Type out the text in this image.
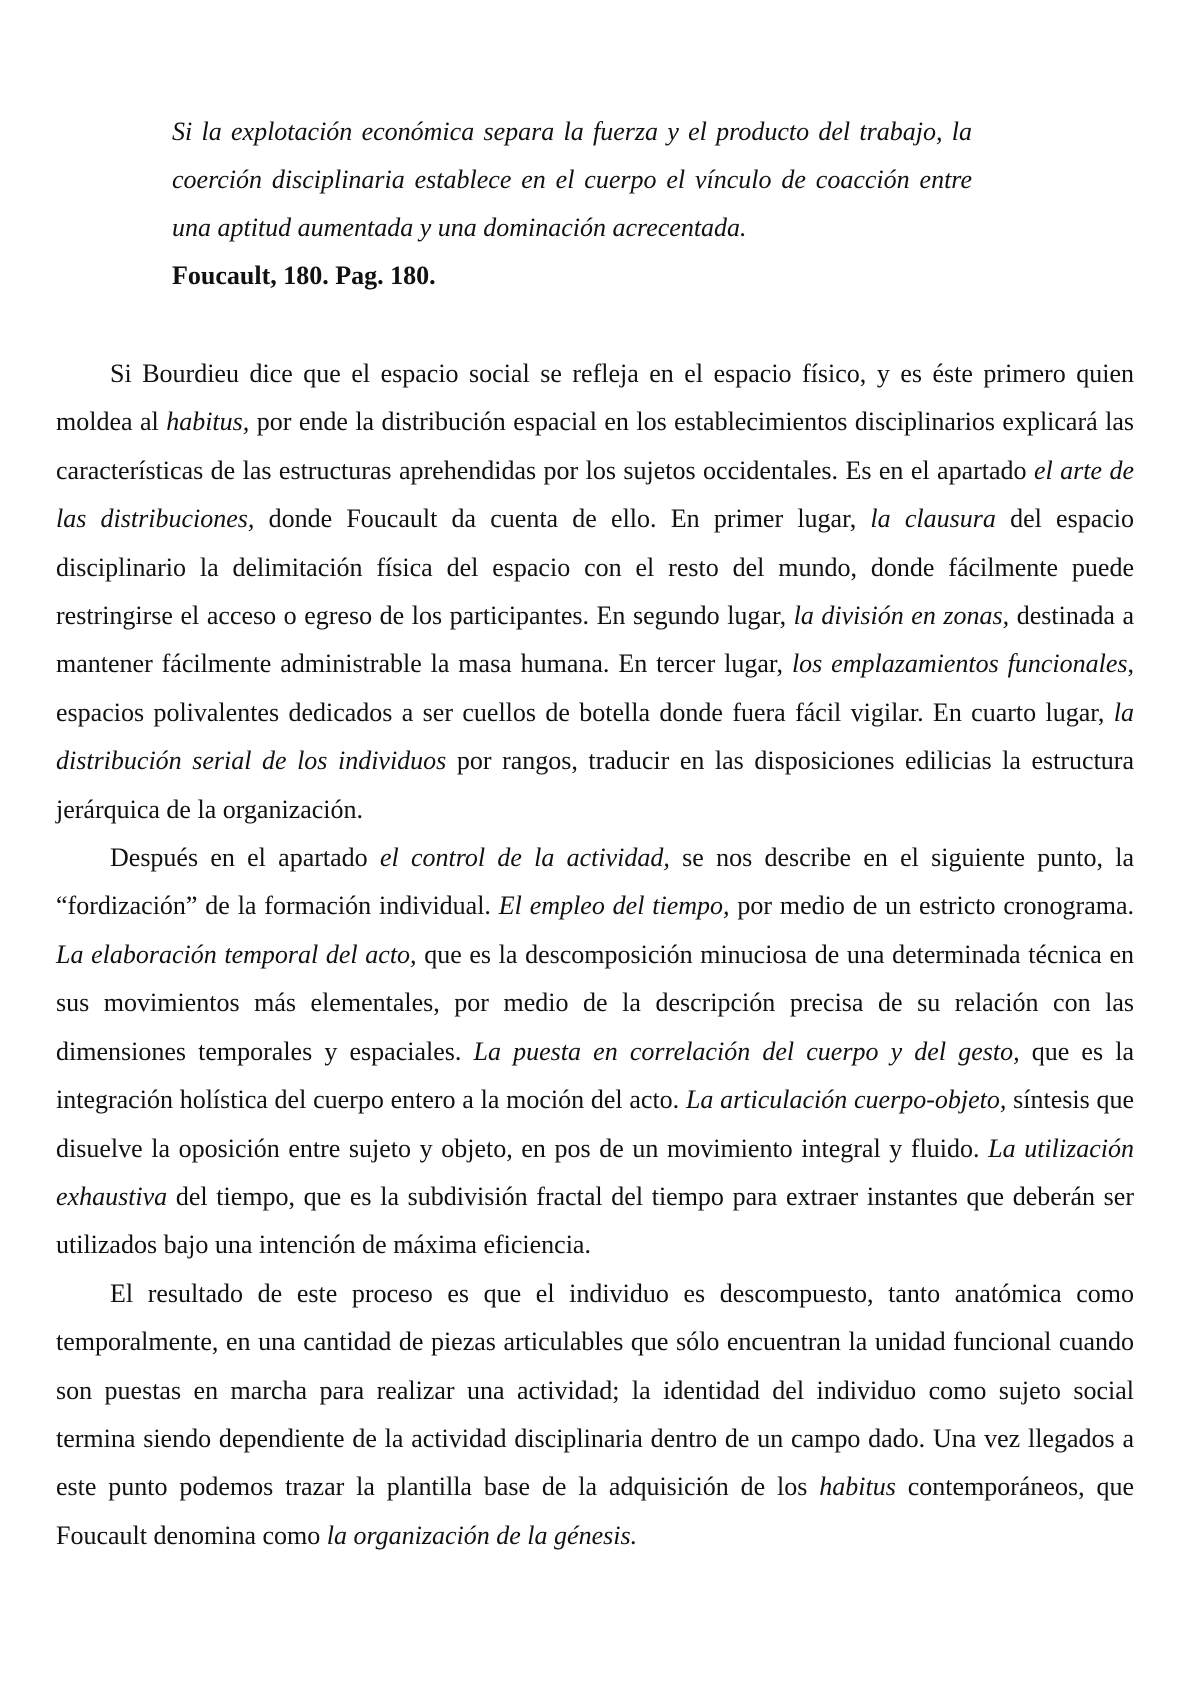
Si la explotación económica separa la fuerza y el producto del trabajo, la coerción disciplinaria establece en el cuerpo el vínculo de coacción entre una aptitud aumentada y una dominación acrecentada.
Foucault, 180. Pag. 180.

Si Bourdieu dice que el espacio social se refleja en el espacio físico, y es éste primero quien moldea al habitus, por ende la distribución espacial en los establecimientos disciplinarios explicará las características de las estructuras aprehendidas por los sujetos occidentales. Es en el apartado el arte de las distribuciones, donde Foucault da cuenta de ello. En primer lugar, la clausura del espacio disciplinario la delimitación física del espacio con el resto del mundo, donde fácilmente puede restringirse el acceso o egreso de los participantes. En segundo lugar, la división en zonas, destinada a mantener fácilmente administrable la masa humana. En tercer lugar, los emplazamientos funcionales, espacios polivalentes dedicados a ser cuellos de botella donde fuera fácil vigilar. En cuarto lugar, la distribución serial de los individuos por rangos, traducir en las disposiciones edilicias la estructura jerárquica de la organización.

Después en el apartado el control de la actividad, se nos describe en el siguiente punto, la “fordización” de la formación individual. El empleo del tiempo, por medio de un estricto cronograma. La elaboración temporal del acto, que es la descomposición minuciosa de una determinada técnica en sus movimientos más elementales, por medio de la descripción precisa de su relación con las dimensiones temporales y espaciales. La puesta en correlación del cuerpo y del gesto, que es la integración holística del cuerpo entero a la moción del acto. La articulación cuerpo-objeto, síntesis que disuelve la oposición entre sujeto y objeto, en pos de un movimiento integral y fluido. La utilización exhaustiva del tiempo, que es la subdivisión fractal del tiempo para extraer instantes que deberán ser utilizados bajo una intención de máxima eficiencia.

El resultado de este proceso es que el individuo es descompuesto, tanto anatómica como temporalmente, en una cantidad de piezas articulables que sólo encuentran la unidad funcional cuando son puestas en marcha para realizar una actividad; la identidad del individuo como sujeto social termina siendo dependiente de la actividad disciplinaria dentro de un campo dado. Una vez llegados a este punto podemos trazar la plantilla base de la adquisición de los habitus contemporáneos, que Foucault denomina como la organización de la génesis.
